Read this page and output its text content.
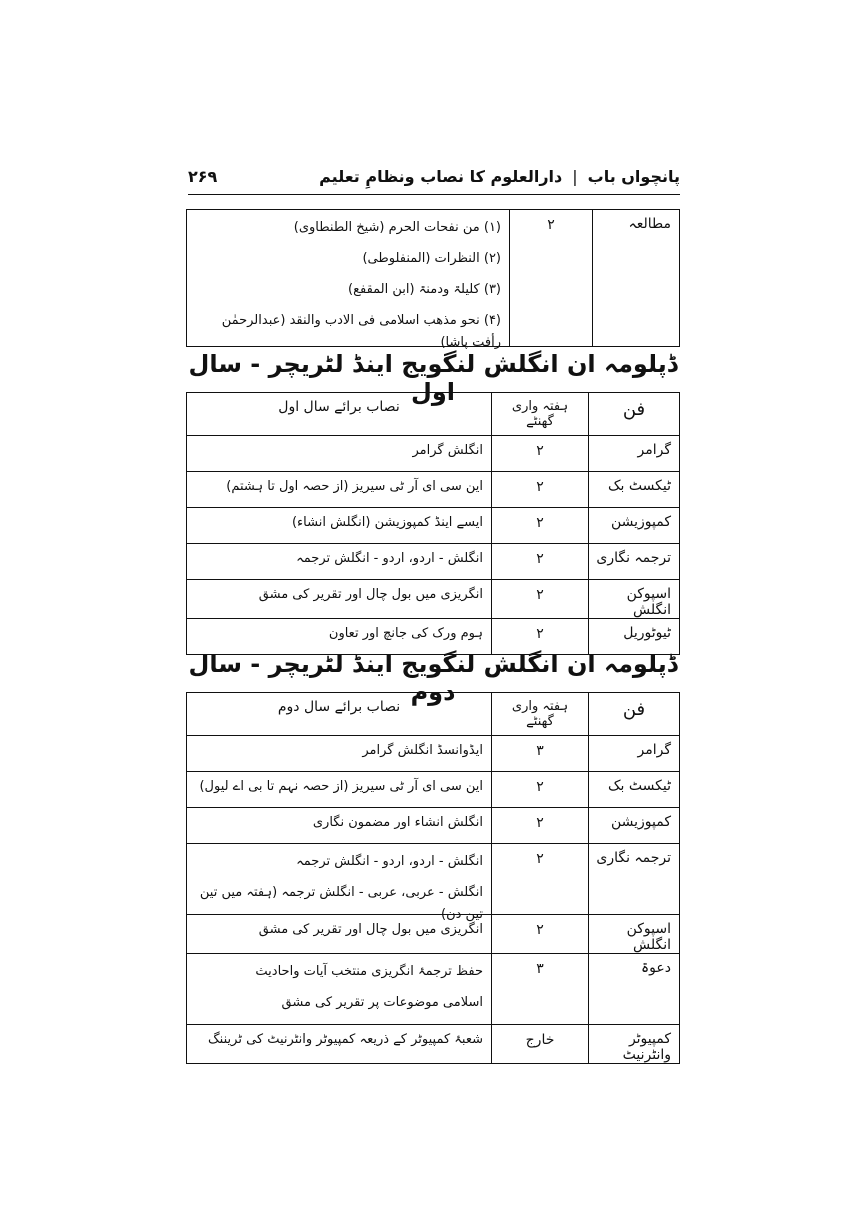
پانچواں باب
|
دارالعلوم کا نصاب ونظامِ تعلیم
۲۶۹
مطالعہ	۲	
(۱) من نفحات الحرم (شیخ الطنطاوی)
(۲) النظرات (المنفلوطی)
(۳) کلیلۃ ودمنۃ (ابن المقفع)
(۴) نحو مذھب اسلامی فی الادب والنقد (عبدالرحمٰن رأفت پاشا)
ڈپلومہ ان انگلش لنگویج اینڈ لٹریچر - سال اول
فن	ہفتہ واری گھنٹے	نصاب برائے سال اول
گرامر	۲	انگلش گرامر
ٹیکسٹ بک	۲	این سی ای آر ٹی سیریز (از حصہ اول تا ہشتم)
کمپوزیشن	۲	ایسے اینڈ کمپوزیشن (انگلش انشاء)
ترجمہ نگاری	۲	انگلش - اردو، اردو - انگلش ترجمہ
اسپوکن انگلش	۲	انگریزی میں بول چال اور تقریر کی مشق
ٹیوٹوریل	۲	ہوم ورک کی جانچ اور تعاون
ڈپلومہ ان انگلش لنگویج اینڈ لٹریچر - سال دوم
فن	ہفتہ واری گھنٹے	نصاب برائے سال دوم
گرامر	۳	ایڈوانسڈ انگلش گرامر
ٹیکسٹ بک	۲	این سی ای آر ٹی سیریز (از حصہ نہم تا بی اے لیول)
کمپوزیشن	۲	انگلش انشاء اور مضمون نگاری
ترجمہ نگاری	۲	انگلش - اردو، اردو - انگلش ترجمہ
انگلش - عربی، عربی - انگلش ترجمہ (ہفتہ میں تین تین دن)

اسپوکن انگلش	۲	انگریزی میں بول چال اور تقریر کی مشق
دعوۃ	۳	حفظ ترجمۂ انگریزی منتخب آیات واحادیث
اسلامی موضوعات پر تقریر کی مشق

کمپیوٹر وانٹرنیٹ	خارج	شعبۂ کمپیوٹر کے ذریعہ کمپیوٹر وانٹرنیٹ کی ٹریننگ
